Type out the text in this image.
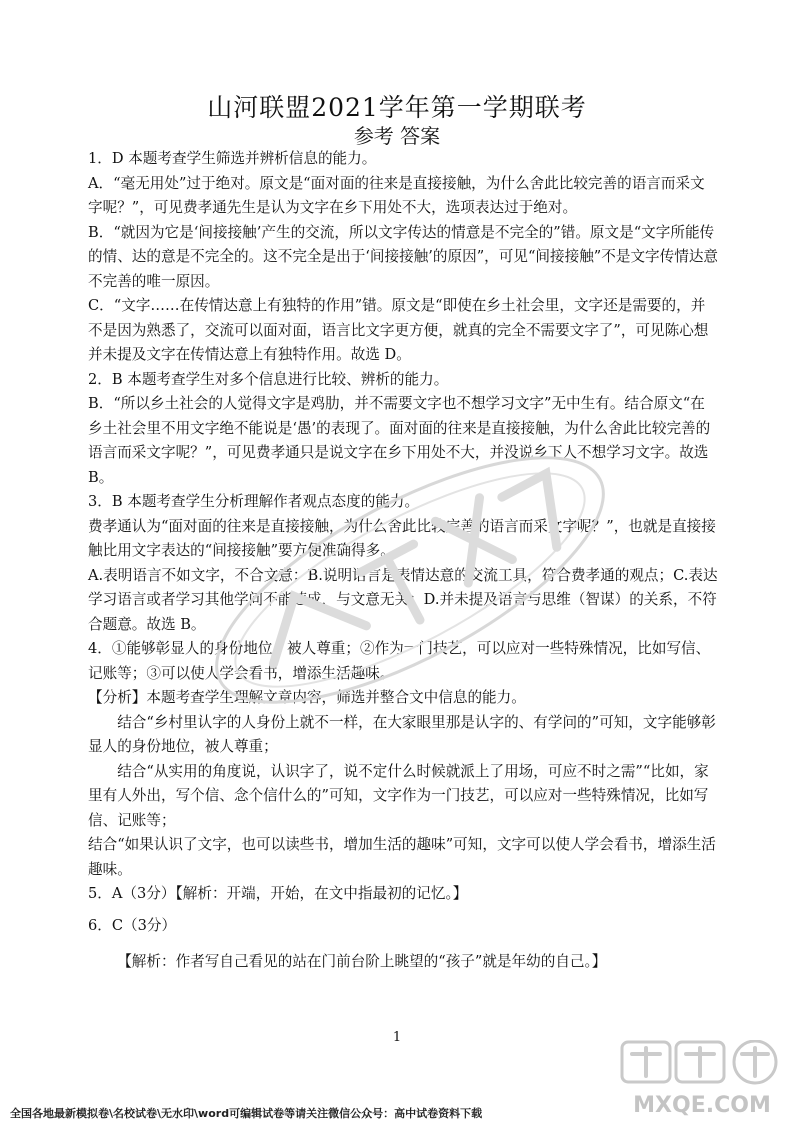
山河联盟2021学年第一学期联考
参考 答案

1．D 本题考查学生筛选并辨析信息的能力。

A．“毫无用处”过于绝对。原文是“面对面的往来是直接接触，为什么舍此比较完善的语言而采文字呢？”，可见费孝通先生是认为文字在乡下用处不大，选项表达过于绝对。

B．“就因为它是‘间接接触’产生的交流，所以文字传达的情意是不完全的”错。原文是“文字所能传的情、达的意是不完全的。这不完全是出于‘间接接触’的原因”，可见“间接接触”不是文字传情达意不完善的唯一原因。

C．“文字……在传情达意上有独特的作用”错。原文是“即使在乡土社会里，文字还是需要的，并不是因为熟悉了，交流可以面对面，语言比文字更方便，就真的完全不需要文字了”，可见陈心想并未提及文字在传情达意上有独特作用。故选 D。

2．B 本题考查学生对多个信息进行比较、辨析的能力。

B．“所以乡土社会的人觉得文字是鸡肋，并不需要文字也不想学习文字”无中生有。结合原文“在乡土社会里不用文字绝不能说是‘愚’的表现了。面对面的往来是直接接触，为什么舍此比较完善的语言而采文字呢？”，可见费孝通只是说文字在乡下用处不大，并没说乡下人不想学习文字。故选 B。

3．B 本题考查学生分析理解作者观点态度的能力。

费孝通认为“面对面的往来是直接接触，为什么舍此比较完善的语言而采文字呢？”，也就是直接接触比用文字表达的“间接接触”要方便准确得多。

A.表明语言不如文字，不合文意；B.说明语言是表情达意的交流工具，符合费孝通的观点；C.表达学习语言或者学习其他学问不能速成，与文意无关；D.并未提及语言与思维（智谋）的关系，不符合题意。故选 B。

4．①能够彰显人的身份地位，被人尊重；②作为一门技艺，可以应对一些特殊情况，比如写信、记账等；③可以使人学会看书，增添生活趣味。

【分析】本题考查学生理解文章内容，筛选并整合文中信息的能力。

结合“乡村里认字的人身份上就不一样，在大家眼里那是认字的、有学问的”可知，文字能够彰显人的身份地位，被人尊重；

结合“从实用的角度说，认识字了，说不定什么时候就派上了用场，可应不时之需”“比如，家里有人外出，写个信、念个信什么的”可知，文字作为一门技艺，可以应对一些特殊情况，比如写信、记账等；

结合“如果认识了文字，也可以读些书，增加生活的趣味”可知，文字可以使人学会看书，增添生活趣味。

5．A（3分）【解析：开端，开始，在文中指最初的记忆。】

6．C（3分）

【解析：作者写自己看见的站在门前台阶上眺望的“孩子”就是年幼的自己。】

1
全国各地最新模拟卷\名校试卷\无水印\word可编辑试卷等请关注微信公众号：高中试卷资料下载	MXQE.COM
